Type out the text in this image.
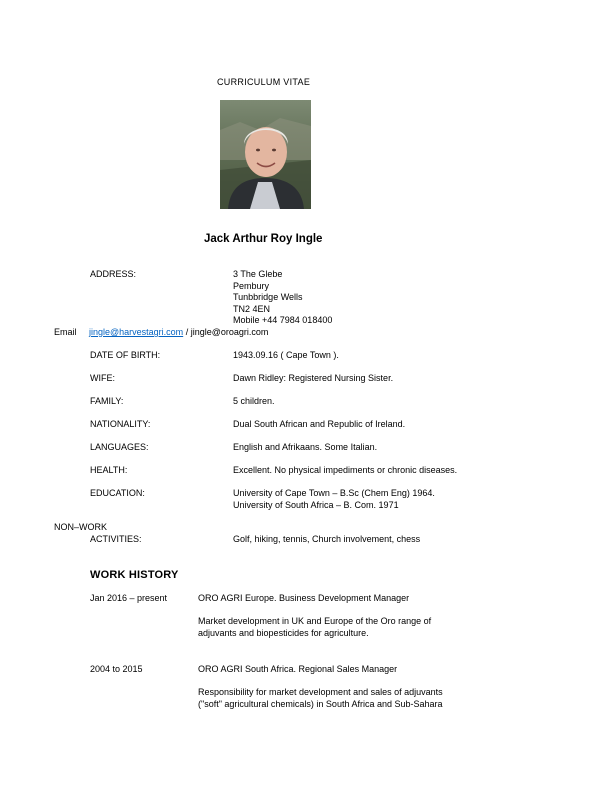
CURRICULUM VITAE
Jack Arthur Roy Ingle
ADDRESS:	3 The Glebe
Pembury
Tunbbridge Wells
TN2 4EN
Mobile +44 7984 018400
Email jingle@harvestagri.com / jingle@oroagri.com
DATE OF BIRTH:	1943.09.16 ( Cape Town ).
WIFE:	Dawn Ridley: Registered Nursing Sister.
FAMILY:	5 children.
NATIONALITY:	Dual South African and Republic of Ireland.
LANGUAGES:	English and Afrikaans. Some Italian.
HEALTH:	Excellent. No physical impediments or chronic diseases.
EDUCATION:	University of Cape Town – B.Sc (Chem Eng) 1964.
University of South Africa – B. Com. 1971
NON–WORK
ACTIVITIES:	Golf, hiking, tennis, Church involvement, chess
WORK HISTORY
Jan 2016 – present	ORO AGRI Europe. Business Development Manager
Market development in UK and Europe of the Oro range of
adjuvants and biopesticides for agriculture.
2004 to 2015	ORO AGRI South Africa. Regional Sales Manager
Responsibility for market development and sales of adjuvants
("soft" agricultural chemicals) in South Africa and Sub-Sahara
